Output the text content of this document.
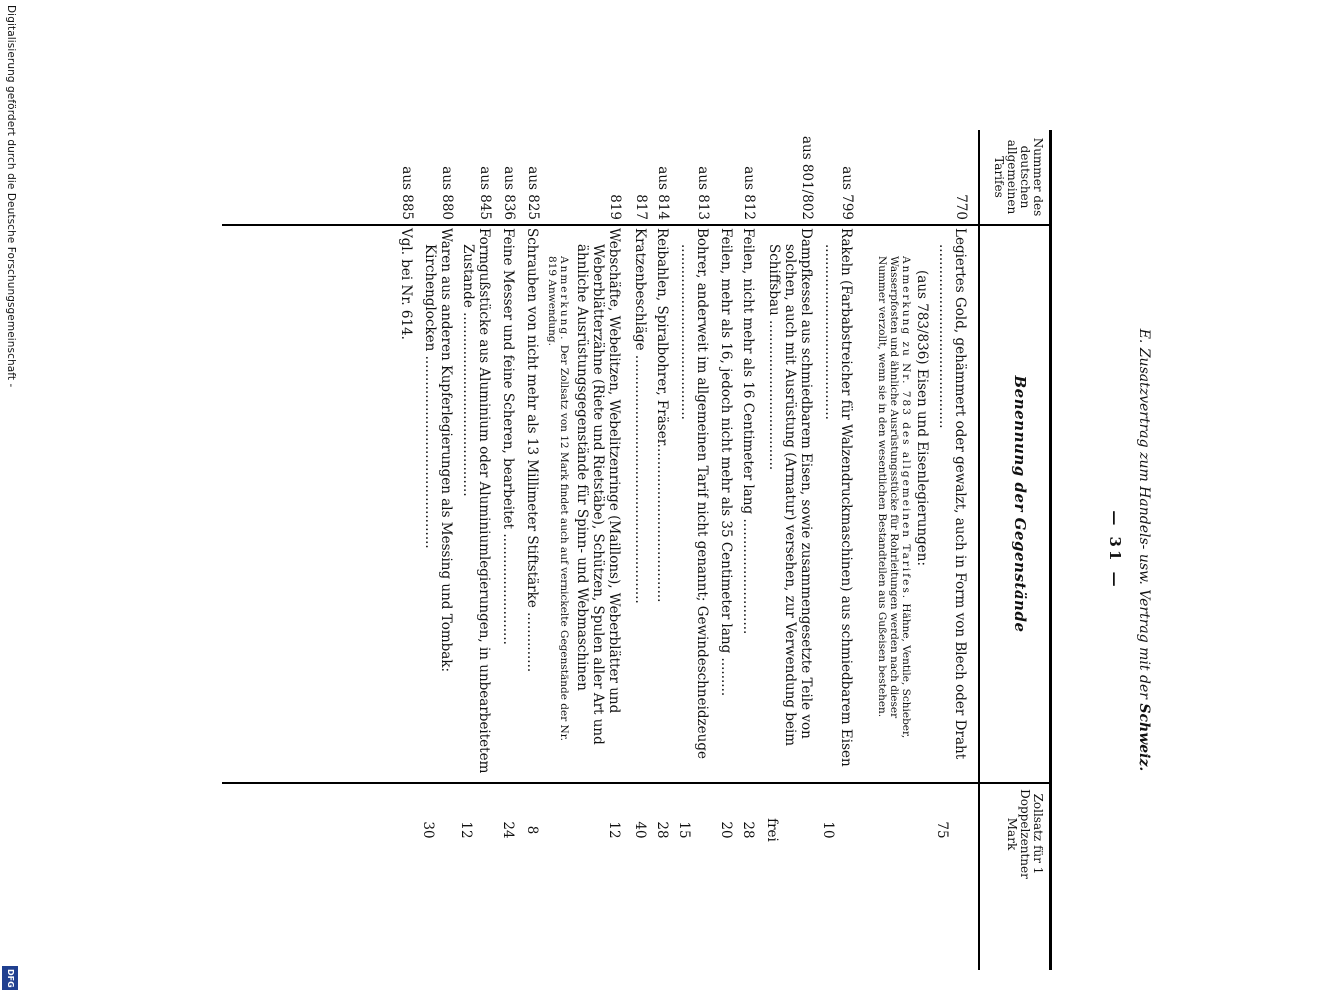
Digitalisierung gefördert durch die Deutsche Forschungsgemeinschaft -
DFG
E. Zusatzvertrag zum Handels- usw. Vertrag mit der Schweiz.
— 31 —
Nummer des deutschen allgemeinen Tarifes
Benennung der Gegenstände
Zollsatz für 1 Doppelzentner Mark
770
Legiertes Gold, gehämmert oder gewalzt, auch in Form von Blech oder Draht ...........................................
75
(aus 783/836) Eisen und Eisenlegierungen:
Anmerkung zu Nr. 783 des allgemeinen Tarifes. Hähne, Ventile, Schieber, Wasserpfosten und ähnliche Ausrüstungsstücke für Rohrleitungen werden nach dieser Nummer verzollt, wenn sie in den wesentlichen Bestandteilen aus Gußeisen bestehen.
aus 799
Rakeln (Farbabstreicher für Walzendruckmaschinen) aus schmiedbarem Eisen .........................................
10
aus 801/802
Dampfkessel aus schmiedbarem Eisen, sowie zusammengesetzte Teile von solchen, auch mit Ausrüstung (Armatur) versehen, zur Verwendung beim Schiffsbau ...................................
frei
aus 812
Feilen, nicht mehr als 16 Centimeter lang ...........................
28
Feilen, mehr als 16, jedoch nicht mehr als 35 Centimeter lang .........
20
aus 813
Bohrer, anderweit im allgemeinen Tarif nicht genannt; Gewindeschneidzeuge .........................................
15
aus 814
Reibahlen, Spiralbohrer, Fräser.....................................
28
817
Kratzenbeschläge ..........................................................
40
819
Webschäfte, Webelitzen, Webelitzenringe (Maillons), Weberblätter und Weberblätterzähne (Riete und Rietstäbe), Schützen, Spulen aller Art und ähnliche Ausrüstungsgegenstände für Spinn- und Webmaschinen
12
Anmerkung. Der Zollsatz von 12 Mark findet auch auf vernickelte Gegenstände der Nr. 819 Anwendung.
aus 825
Schrauben von nicht mehr als 13 Millimeter Stiftstärke ..............
8
aus 836
Feine Messer und feine Scheren, bearbeitet ..........................
24
aus 845
Formgußstücke aus Aluminium oder Aluminiumlegierungen, in unbearbeitetem Zustande ...........................................
12
aus 880
Waren aus anderen Kupferlegierungen als Messing und Tombak: Kirchenglocken .............................................
30
aus 885
Vgl. bei Nr. 614.
